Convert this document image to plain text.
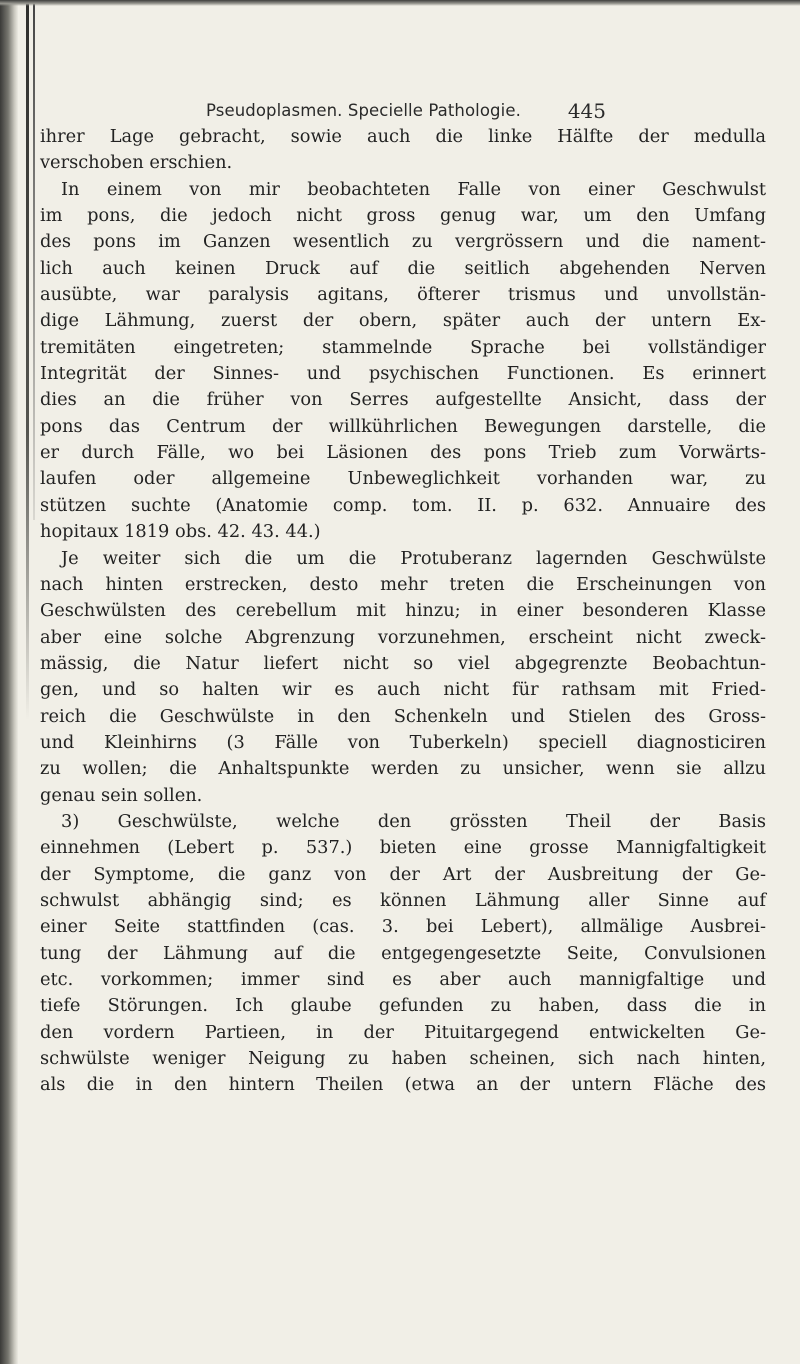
Pseudoplasmen. Specielle Pathologie. 445
ihrer Lage gebracht, sowie auch die linke Hälfte der medulla
verschoben erschien.
In einem von mir beobachteten Falle von einer Geschwulst
im pons, die jedoch nicht gross genug war, um den Umfang
des pons im Ganzen wesentlich zu vergrössern und die nament-
lich auch keinen Druck auf die seitlich abgehenden Nerven
ausübte, war paralysis agitans, öfterer trismus und unvollstän-
dige Lähmung, zuerst der obern, später auch der untern Ex-
tremitäten eingetreten; stammelnde Sprache bei vollständiger
Integrität der Sinnes- und psychischen Functionen. Es erinnert
dies an die früher von Serres aufgestellte Ansicht, dass der
pons das Centrum der willkührlichen Bewegungen darstelle, die
er durch Fälle, wo bei Läsionen des pons Trieb zum Vorwärts-
laufen oder allgemeine Unbeweglichkeit vorhanden war, zu
stützen suchte (Anatomie comp. tom. II. p. 632. Annuaire des
hopitaux 1819 obs. 42. 43. 44.)
Je weiter sich die um die Protuberanz lagernden Geschwülste
nach hinten erstrecken, desto mehr treten die Erscheinungen von
Geschwülsten des cerebellum mit hinzu; in einer besonderen Klasse
aber eine solche Abgrenzung vorzunehmen, erscheint nicht zweck-
mässig, die Natur liefert nicht so viel abgegrenzte Beobachtun-
gen, und so halten wir es auch nicht für rathsam mit Fried-
reich die Geschwülste in den Schenkeln und Stielen des Gross-
und Kleinhirns (3 Fälle von Tuberkeln) speciell diagnosticiren
zu wollen; die Anhaltspunkte werden zu unsicher, wenn sie allzu
genau sein sollen.
3) Geschwülste, welche den grössten Theil der Basis
einnehmen (Lebert p. 537.) bieten eine grosse Mannigfaltigkeit
der Symptome, die ganz von der Art der Ausbreitung der Ge-
schwulst abhängig sind; es können Lähmung aller Sinne auf
einer Seite stattfinden (cas. 3. bei Lebert), allmälige Ausbrei-
tung der Lähmung auf die entgegengesetzte Seite, Convulsionen
etc. vorkommen; immer sind es aber auch mannigfaltige und
tiefe Störungen. Ich glaube gefunden zu haben, dass die in
den vordern Partieen, in der Pituitargegend entwickelten Ge-
schwülste weniger Neigung zu haben scheinen, sich nach hinten,
als die in den hintern Theilen (etwa an der untern Fläche des
